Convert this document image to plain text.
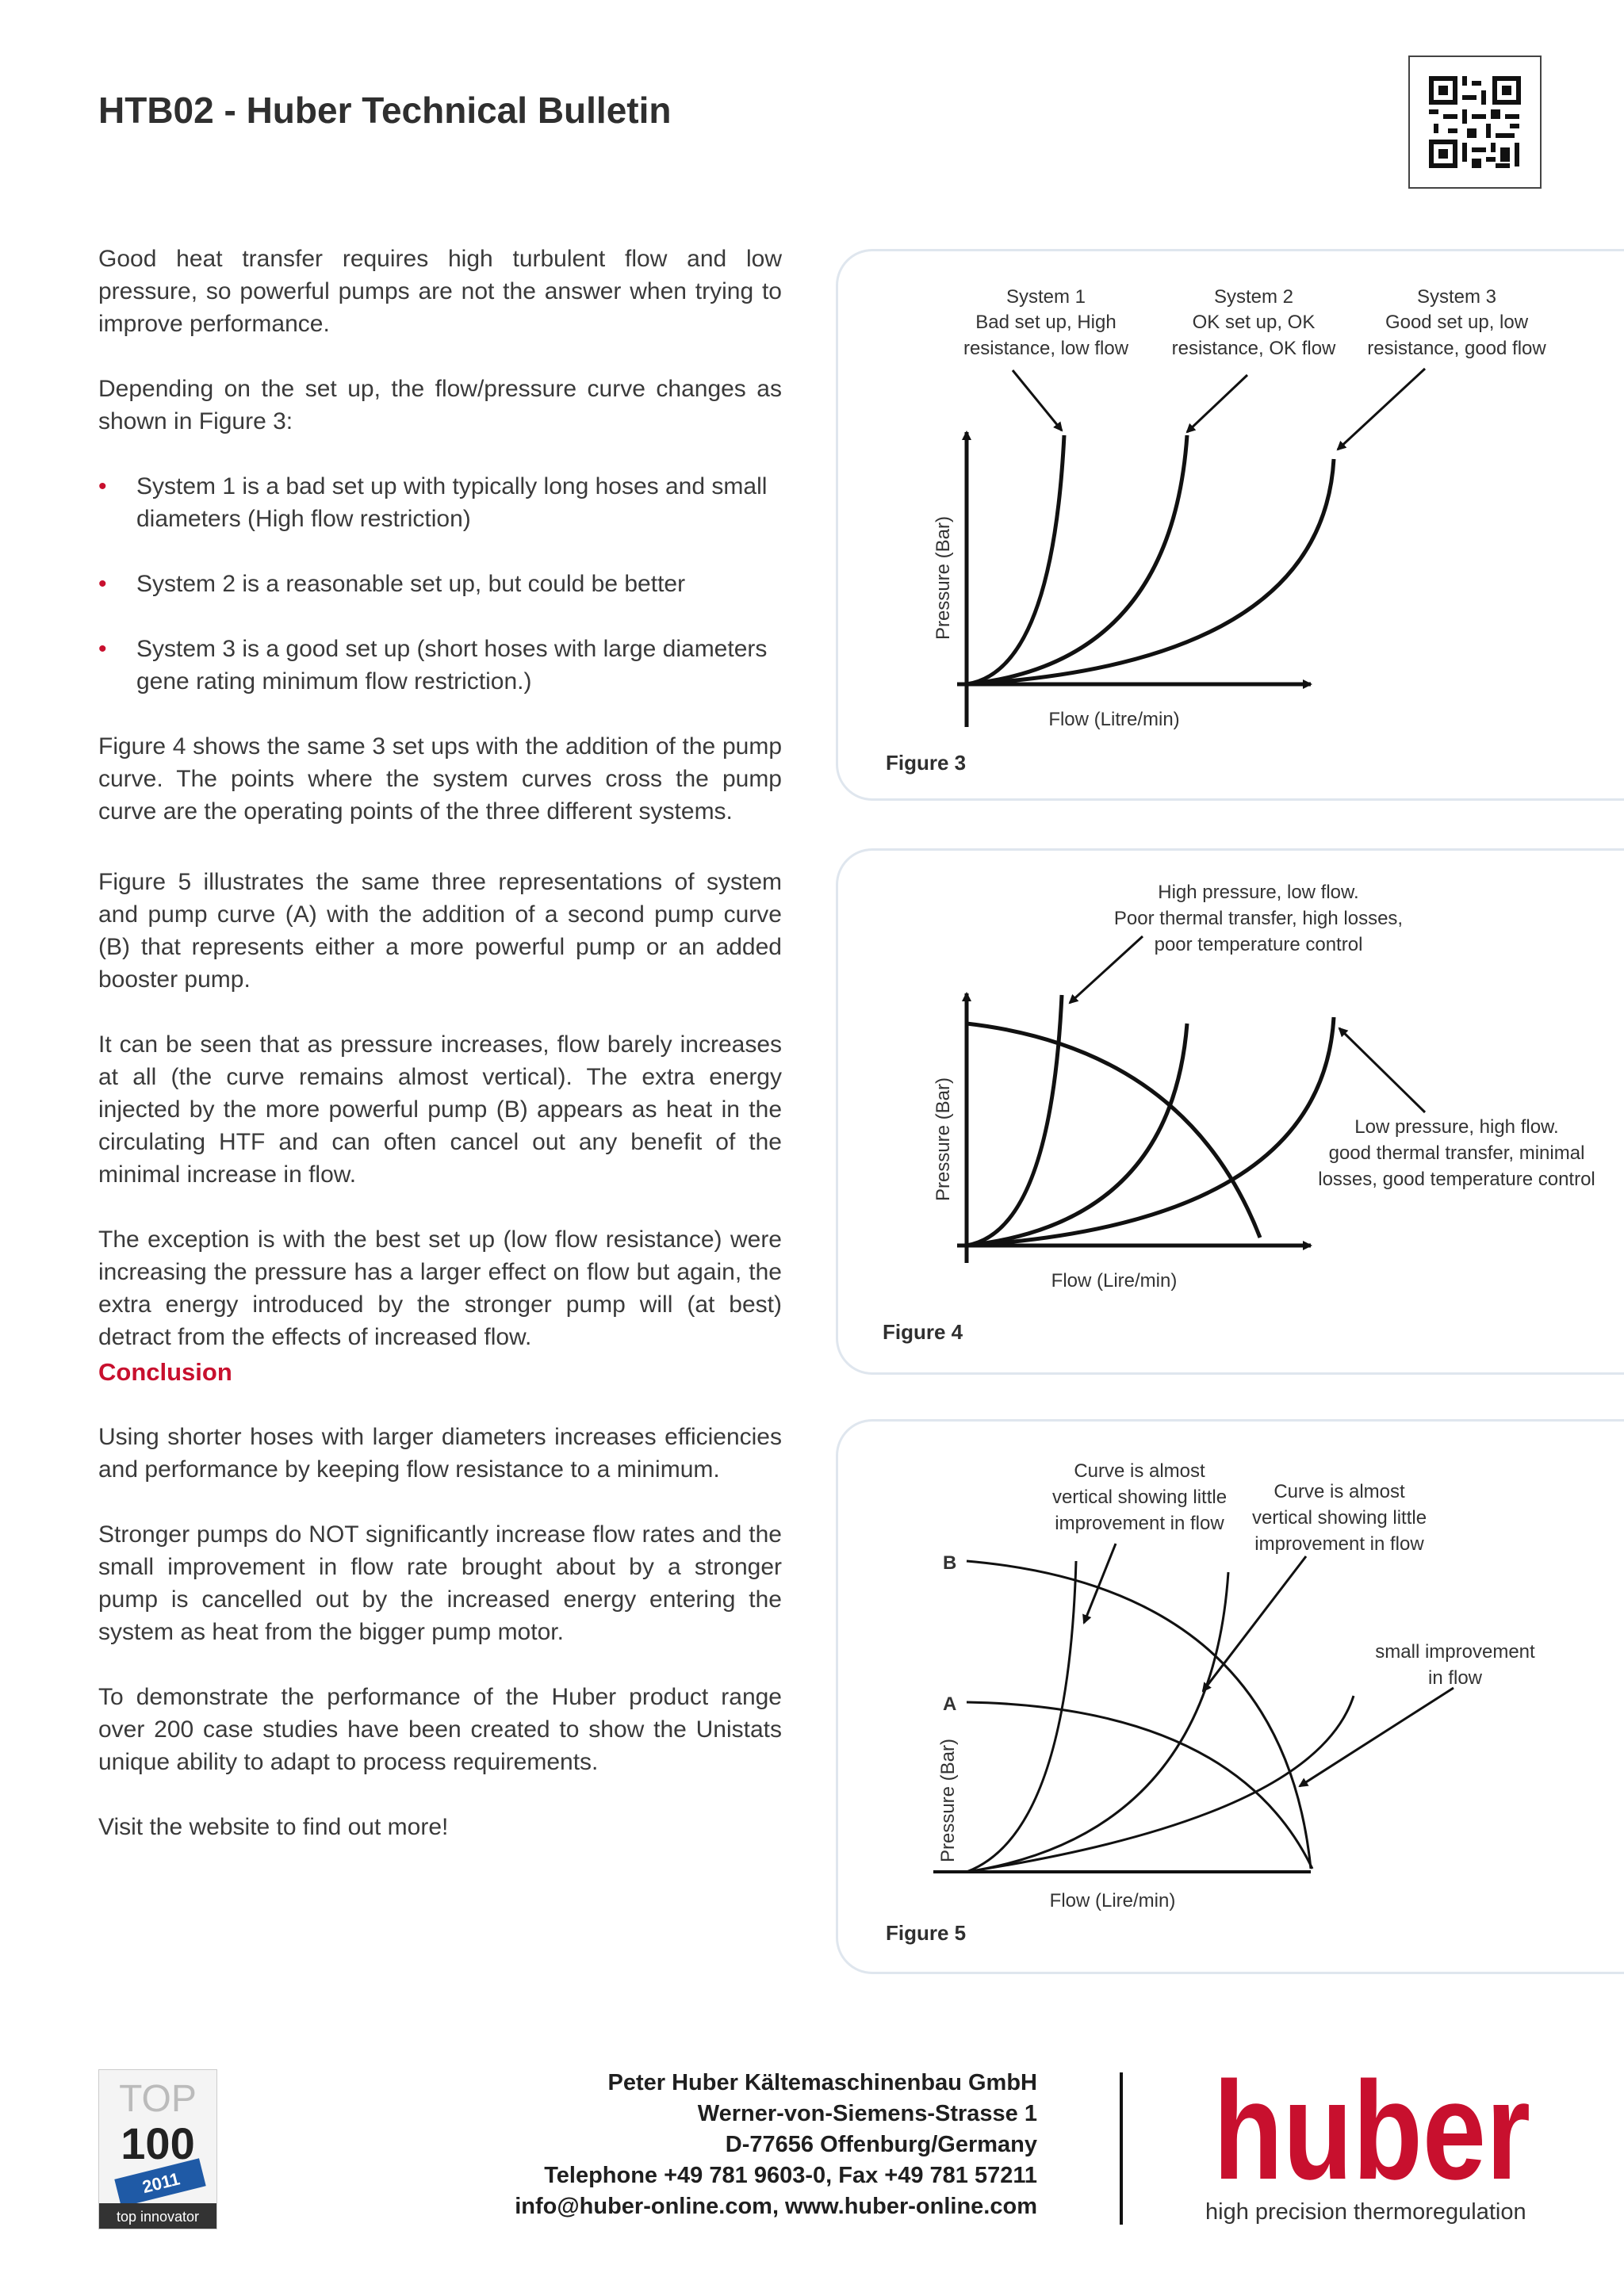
HTB02 - Huber Technical Bulletin

Good heat transfer requires high turbulent flow and low pressure, so powerful pumps are not the answer when trying to improve performance.

Depending on the set up, the flow/pressure curve changes as shown in Figure 3:

• System 1 is a bad set up with typically long hoses and small diameters (High flow restriction)
• System 2 is a reasonable set up, but could be better
• System 3 is a good set up (short hoses with large diameters gene rating minimum flow restriction.)

Figure 4 shows the same 3 set ups with the addition of the pump curve. The points where the system curves cross the pump curve are the operating points of the three different systems.

Figure 5 illustrates the same three representations of system and pump curve (A) with the addition of a second pump curve (B) that represents either a more powerful pump or an added booster pump.

It can be seen that as pressure increases, flow barely increases at all (the curve remains almost vertical). The extra energy injected by the more powerful pump (B) appears as heat in the circulating HTF and can often cancel out any benefit of the minimal increase in flow.

The exception is with the best set up (low flow resistance) were increasing the pressure has a larger effect on flow but again, the extra energy introduced by the stronger pump will (at best) detract from the effects of increased flow.

Conclusion

Using shorter hoses with larger diameters increases efficiencies and performance by keeping flow resistance to a minimum.

Stronger pumps do NOT significantly increase flow rates and the small improvement in flow rate brought about by a stronger pump is cancelled out by the increased energy entering the system as heat from the bigger pump motor.

To demonstrate the performance of the Huber product range over 200 case studies have been created to show the Unistats unique ability to adapt to process requirements.

Visit the website to find out more!

System 1
Bad set up, High
resistance, low flow
System 2
OK set up, OK
resistance, OK flow
System 3
Good set up, low
resistance, good flow
Flow (Litre/min)
Pressure (Bar)
Figure 3
High pressure, low flow.
Poor thermal transfer, high losses,
poor temperature control
Low pressure, high flow.
good thermal transfer, minimal
losses, good temperature control
Flow (Lire/min)
Pressure (Bar)
Figure 4
Curve is almost
vertical showing little
improvement in flow
Curve is almost
vertical showing little
improvement in flow
small improvement
in flow
Flow (Lire/min)
B
A
Pressure (Bar)
Figure 5
TOP
100
2011
top innovator
Peter Huber Kältemaschinenbau GmbH
Werner-von-Siemens-Strasse 1
D-77656 Offenburg/Germany
Telephone +49 781 9603-0, Fax +49 781 57211
info@huber-online.com, www.huber-online.com huber
high precision thermoregulation
